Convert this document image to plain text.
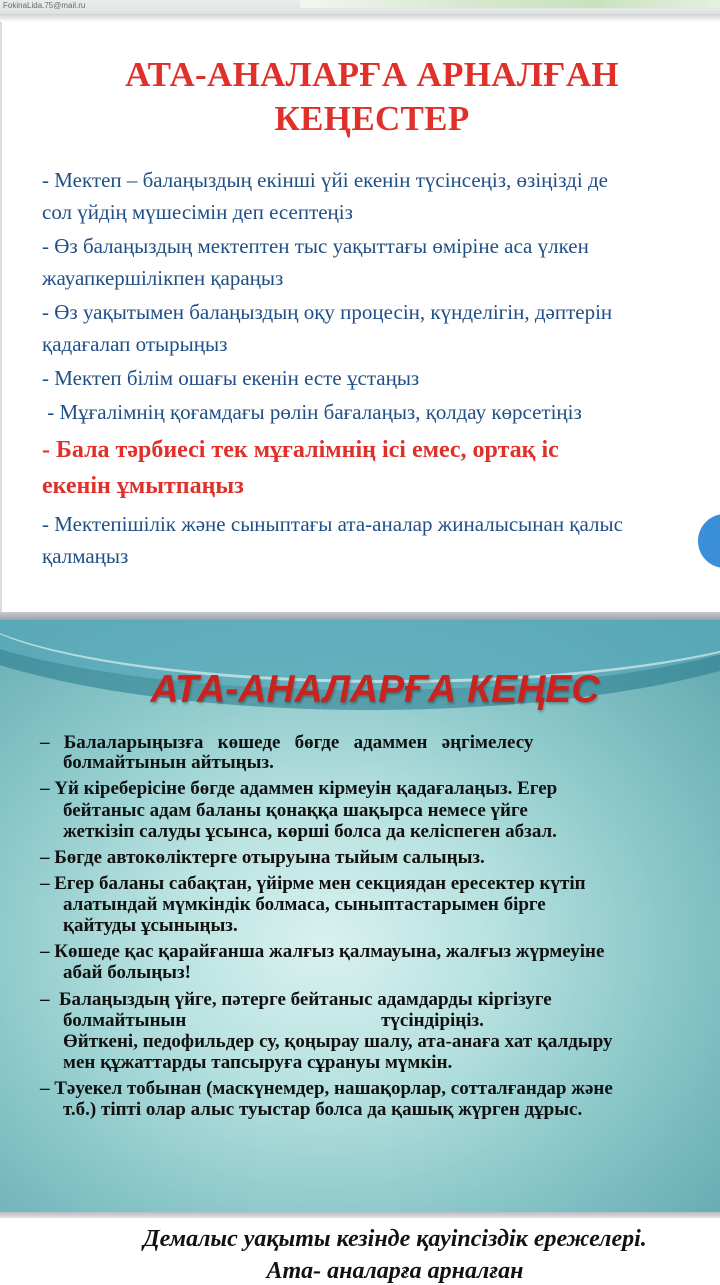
FokinaLida.75@mail.ru
АТА-АНАЛАРҒА АРНАЛҒАН
КЕҢЕСТЕР
- Мектеп – балаңыздың екінші үйі екенін түсінсеңіз, өзіңізді де
сол үйдің мүшесімін деп есептеңіз
- Өз балаңыздың мектептен тыс уақыттағы өміріне аса үлкен
жауапкершілікпен қараңыз
- Өз уақытымен балаңыздың оқу процесін, күнделігін, дәптерін
қадағалап отырыңыз
- Мектеп білім ошағы екенін есте ұстаңыз
- Мұғалімнің қоғамдағы рөлін бағалаңыз, қолдау көрсетіңіз
- Бала тәрбиесі тек мұғалімнің ісі емес, ортақ іс
екенін ұмытпаңыз
- Мектепішілік және сыныптағы ата-аналар жиналысынан қалыс
қалмаңыз
АТА-АНАЛАРҒА КЕҢЕС
–   Балаларыңызға   көшеде   бөгде   адаммен   әңгімелесу
болмайтынын айтыңыз.
– Үй кіреберісіне бөгде адаммен кірмеуін қадағалаңыз. Егер
бейтаныс адам баланы қонаққа шақырса немесе үйге
жеткізіп салуды ұсынса, көрші болса да келіспеген абзал.
– Бөгде автокөліктерге отыруына тыйым салыңыз.
– Егер баланы сабақтан, үйірме мен секциядан ересектер күтіп
алатындай мүмкіндік болмаса, сыныптастарымен бірге
қайтуды ұсыныңыз.
– Көшеде қас қарайғанша жалғыз қалмауына, жалғыз жүрмеуіне
абай болыңыз!
–  Балаңыздың үйге, пәтерге бейтаныс адамдарды кіргізуге
болмайтынын                                         түсіндіріңіз.
Өйткені, педофильдер су, қоңырау шалу, ата-анаға хат қалдыру
мен құжаттарды тапсыруға сұрануы мүмкін.
– Тәуекел тобынан (маскүнемдер, нашақорлар, сотталғандар және
т.б.) тіпті олар алыс туыстар болса да қашық жүрген дұрыс.
Демалыс уақыты кезінде қауіпсіздік ережелері.
Ата- аналарға арналған
